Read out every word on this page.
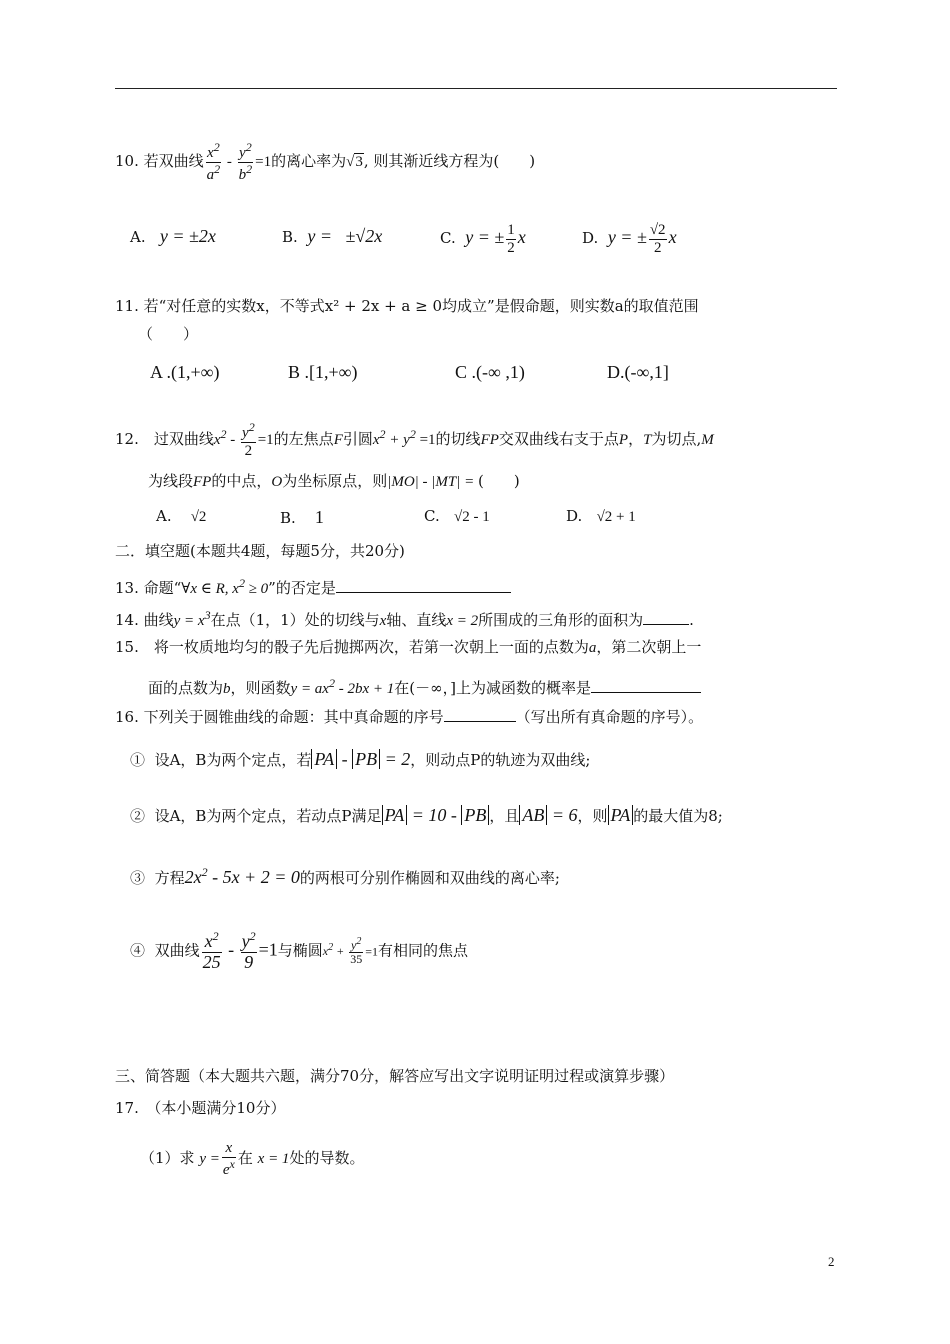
10. 若双曲线 $\frac{x^2}{a^2} - \frac{y^2}{b^2} =1$的离心率为√3, 则其渐近线方程为(　　)
A. y = ±2x	B. y =   ±√2x	C. y = ± $\frac{1}{2}$ x	D. y = ± $\frac{√2}{2}$ x
11. 若“对任意的实数x，不等式x² + 2x + a ≥ 0均成立”是假命题，则实数a的取值范围
（　　）
A .(1,+∞)	B .[1,+∞)	C .(-∞ ,1)	D.(-∞,1]
12.　过双曲线$x^2 - \frac{y^2}{2} =1$的左焦点F引圆$x^2 + y^2 =1$的切线FP交双曲线右支于点P，T为切点,M
为线段FP的中点，O为坐标原点，则|MO| - |MT| = (　　)
A. √2	B. 1	C. √2 - 1	D. √2 + 1
二．填空题(本题共4题，每题5分，共20分)
13. 命题“∀x ∈ R, $x^2 \ge 0$”的否定是
14. 曲线$y = x^3$在点（1，1）处的切线与x轴、直线x = 2所围成的三角形的面积为	.
15.　将一枚质地均匀的骰子先后抛掷两次，若第一次朝上一面的点数为a，第二次朝上一
面的点数为b，则函数$y = ax^2 - 2bx + 1$在(－∞，]上为减函数的概率是
16. 下列关于圆锥曲线的命题：其中真命题的序号	（写出所有真命题的序号）。
① 设A，B为两个定点，若 PA - PB = 2，则动点P的轨迹为双曲线;
② 设A，B为两个定点，若动点P满足 PA = 10 - PB ，且 AB = 6，则 PA 的最大值为8;
③ 方程$2x^2 - 5x + 2 = 0$的两根可分别作椭圆和双曲线的离心率;
④ 双曲线 $\frac{x^2}{25} - \frac{y^2}{9} =1$与椭圆$x^2 + \frac{y^2}{35} =1$有相同的焦点
三、简答题（本大题共六题，满分70分，解答应写出文字说明证明过程或演算步骤）
17.　（本小题满分10分）
（1）求 $y = \frac{x}{e^x}$ 在 x = 1处的导数。
2
